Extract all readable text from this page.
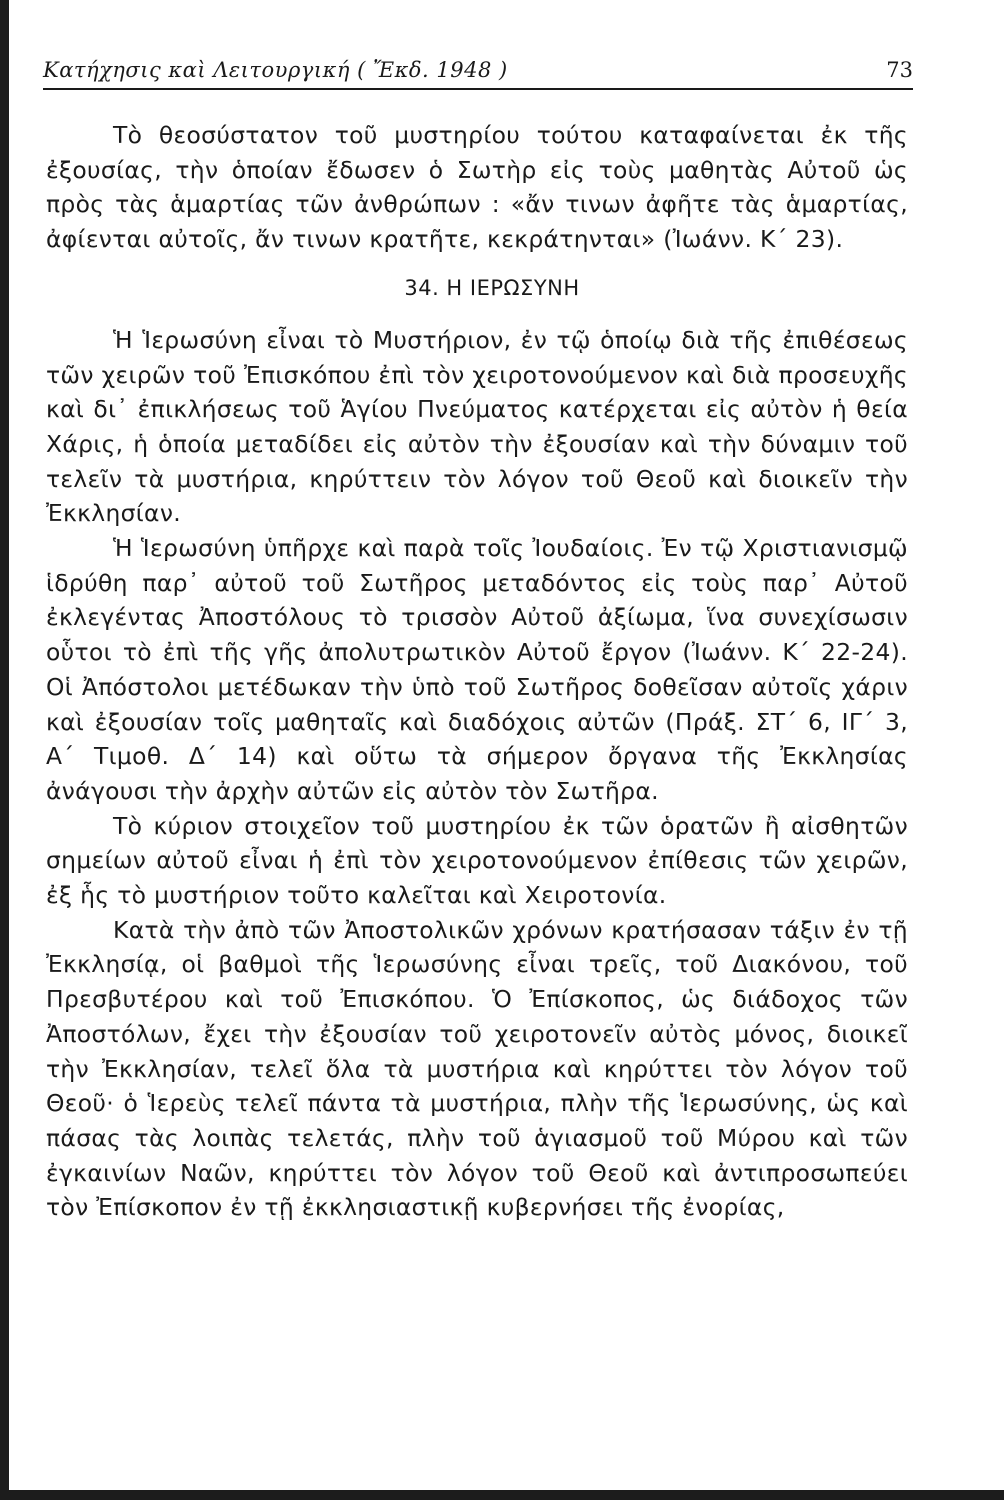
Κατήχησις καὶ Λειτουργική ( Ἔκδ. 1948 )	73

Τὸ θεοσύστατον τοῦ μυστηρίου τούτου καταφαίνεται ἐκ τῆς ἐξουσίας, τὴν ὁποίαν ἔδωσεν ὁ Σωτὴρ εἰς τοὺς μαθητὰς Αὐτοῦ ὡς πρὸς τὰς ἁμαρτίας τῶν ἀνθρώπων : «ἄν τινων ἀφῆτε τὰς ἁμαρτίας, ἀφίενται αὐτοῖς, ἄν τινων κρατῆτε, κεκράτηνται» (Ἰωάνν. Κ΄ 23).

34. Η ΙΕΡΩΣΥΝΗ

Ἡ Ἱερωσύνη εἶναι τὸ Μυστήριον, ἐν τῷ ὁποίῳ διὰ τῆς ἐπιθέσεως τῶν χειρῶν τοῦ Ἐπισκόπου ἐπὶ τὸν χειροτονούμενον καὶ διὰ προσευχῆς καὶ δι᾽ ἐπικλήσεως τοῦ Ἁγίου Πνεύματος κατέρχεται εἰς αὐτὸν ἡ θεία Χάρις, ἡ ὁποία μεταδίδει εἰς αὐτὸν τὴν ἐξουσίαν καὶ τὴν δύναμιν τοῦ τελεῖν τὰ μυστήρια, κηρύττειν τὸν λόγον τοῦ Θεοῦ καὶ διοικεῖν τὴν Ἐκκλησίαν.

Ἡ Ἱερωσύνη ὑπῆρχε καὶ παρὰ τοῖς Ἰουδαίοις. Ἐν τῷ Χριστιανισμῷ ἱδρύθη παρ᾽ αὐτοῦ τοῦ Σωτῆρος μεταδόντος εἰς τοὺς παρ᾽ Αὐτοῦ ἐκλεγέντας Ἀποστόλους τὸ τρισσὸν Αὐτοῦ ἀξίωμα, ἵνα συνεχίσωσιν οὗτοι τὸ ἐπὶ τῆς γῆς ἀπολυτρωτικὸν Αὐτοῦ ἔργον (Ἰωάνν. Κ΄ 22-24). Οἱ Ἀπόστολοι μετέδωκαν τὴν ὑπὸ τοῦ Σωτῆρος δοθεῖσαν αὐτοῖς χάριν καὶ ἐξουσίαν τοῖς μαθηταῖς καὶ διαδόχοις αὐτῶν (Πράξ. ΣΤ΄ 6, ΙΓ΄ 3, Α΄ Τιμοθ. Δ΄ 14) καὶ οὕτω τὰ σήμερον ὄργανα τῆς Ἐκκλησίας ἀνάγουσι τὴν ἀρχὴν αὐτῶν εἰς αὐτὸν τὸν Σωτῆρα.

Τὸ κύριον στοιχεῖον τοῦ μυστηρίου ἐκ τῶν ὁρατῶν ἢ αἰσθητῶν σημείων αὐτοῦ εἶναι ἡ ἐπὶ τὸν χειροτονούμενον ἐπίθεσις τῶν χειρῶν, ἐξ ἧς τὸ μυστήριον τοῦτο καλεῖται καὶ Χειροτονία.

Κατὰ τὴν ἀπὸ τῶν Ἀποστολικῶν χρόνων κρατήσασαν τάξιν ἐν τῇ Ἐκκλησίᾳ, οἱ βαθμοὶ τῆς Ἱερωσύνης εἶναι τρεῖς, τοῦ Διακόνου, τοῦ Πρεσβυτέρου καὶ τοῦ Ἐπισκόπου. Ὁ Ἐπίσκοπος, ὡς διάδοχος τῶν Ἀποστόλων, ἔχει τὴν ἐξουσίαν τοῦ χειροτονεῖν αὐτὸς μόνος, διοικεῖ τὴν Ἐκκλησίαν, τελεῖ ὅλα τὰ μυστήρια καὶ κηρύττει τὸν λόγον τοῦ Θεοῦ· ὁ Ἱερεὺς τελεῖ πάντα τὰ μυστήρια, πλὴν τῆς Ἱερωσύνης, ὡς καὶ πάσας τὰς λοιπὰς τελετάς, πλὴν τοῦ ἁγιασμοῦ τοῦ Μύρου καὶ τῶν ἐγκαινίων Ναῶν, κηρύττει τὸν λόγον τοῦ Θεοῦ καὶ ἀντιπροσωπεύει τὸν Ἐπίσκοπον ἐν τῇ ἐκκλησιαστικῇ κυβερνήσει τῆς ἐνορίας,
